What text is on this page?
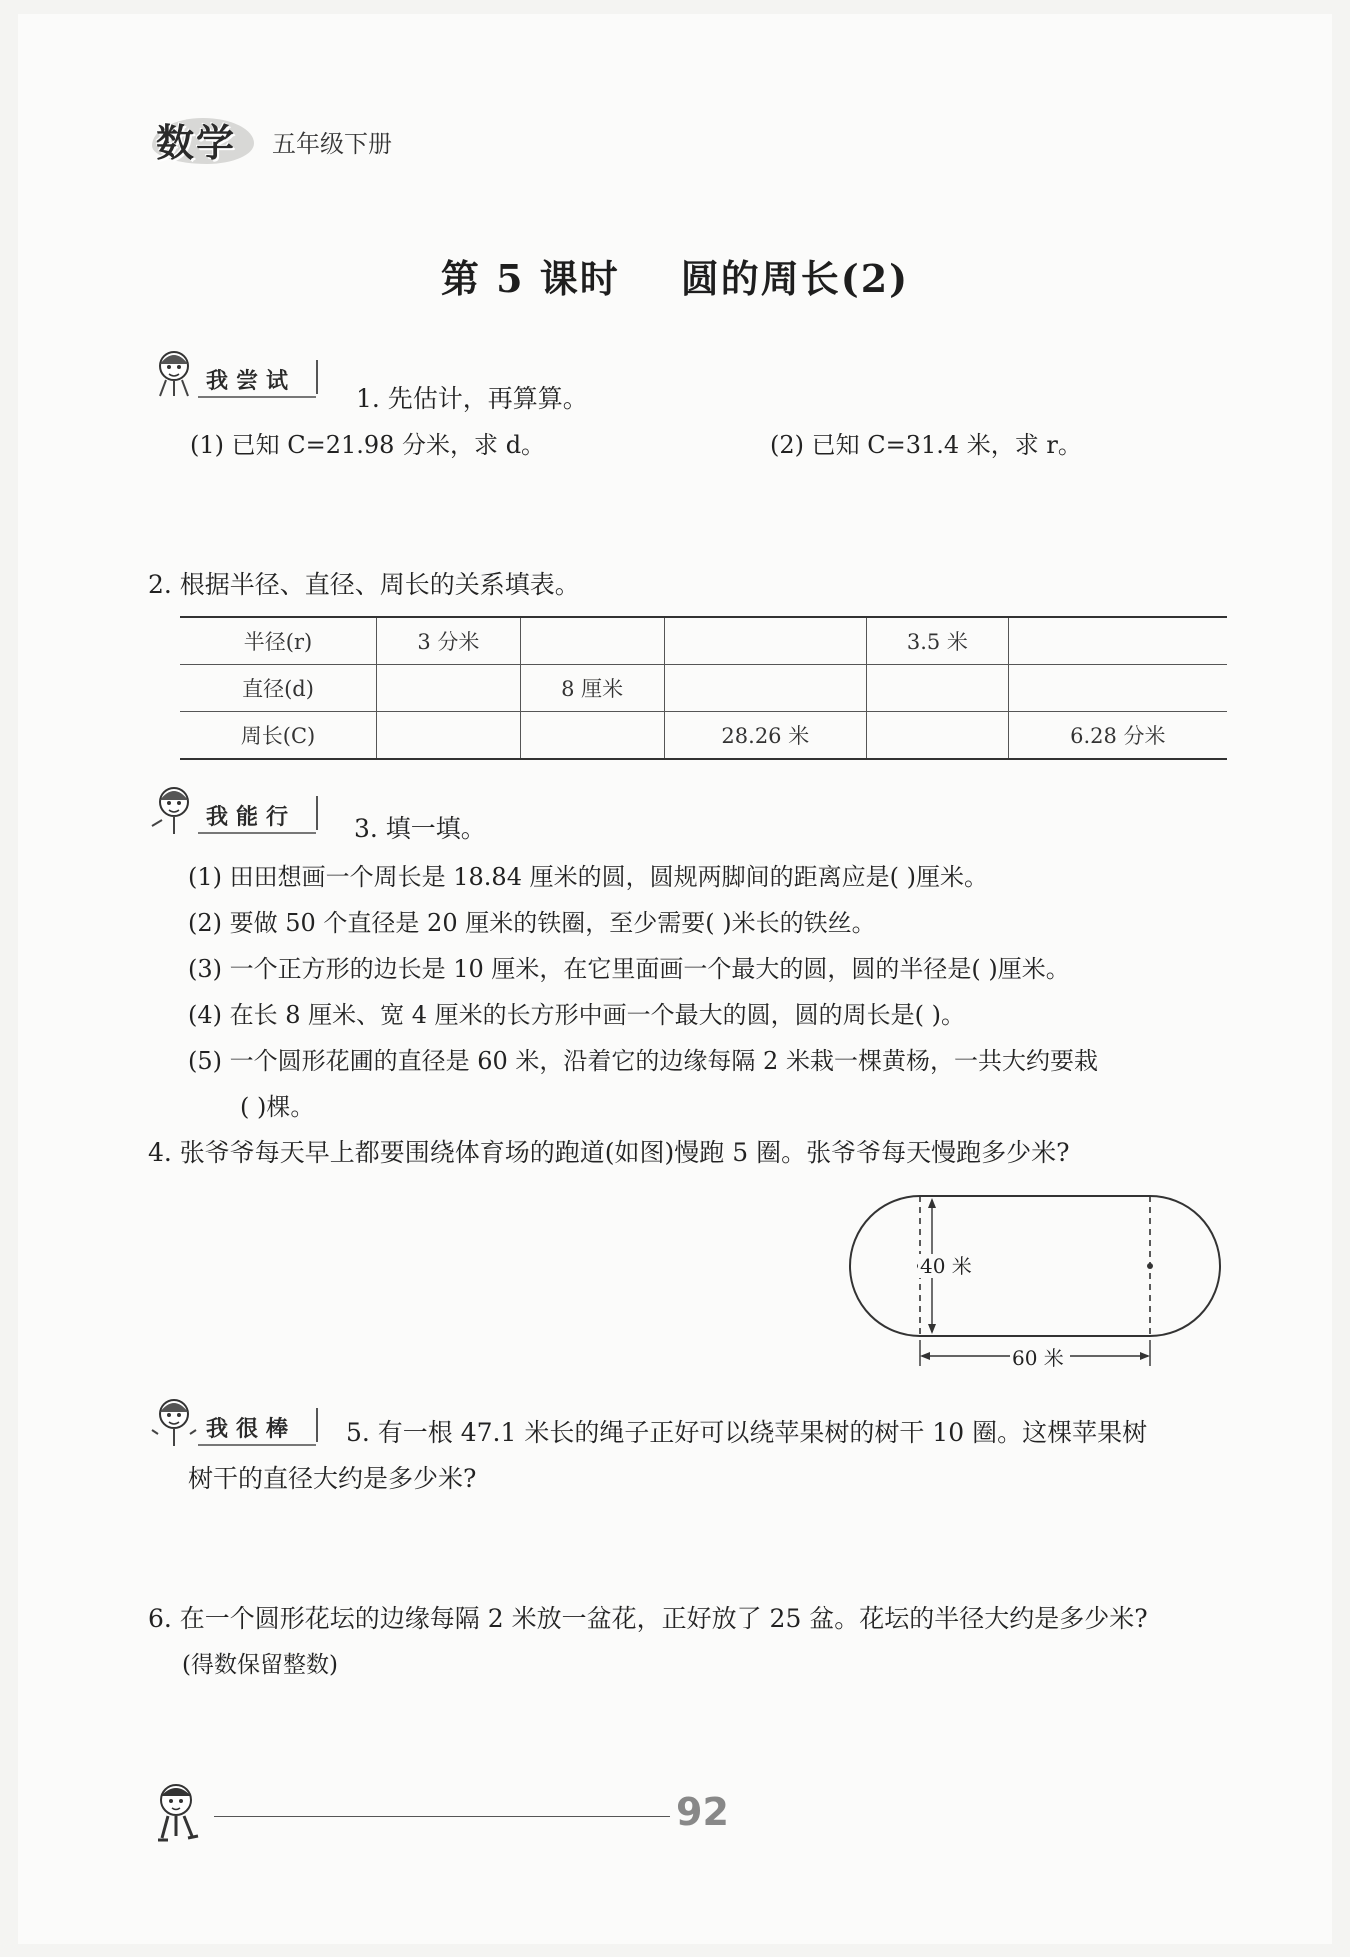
数学 五年级下册
第 5 课时    圆的周长(2)
我尝试
1. 先估计，再算算。
(1) 已知 C=21.98 分米，求 d。	(2) 已知 C=31.4 米，求 r。
2. 根据半径、直径、周长的关系填表。
半径(r)	3 分米			3.5 米	
直径(d)		8 厘米			
周长(C)			28.26 米		6.28 分米
我能行 3. 填一填。
(1) 田田想画一个周长是 18.84 厘米的圆，圆规两脚间的距离应是( )厘米。
(2) 要做 50 个直径是 20 厘米的铁圈，至少需要( )米长的铁丝。
(3) 一个正方形的边长是 10 厘米，在它里面画一个最大的圆，圆的半径是( )厘米。
(4) 在长 8 厘米、宽 4 厘米的长方形中画一个最大的圆，圆的周长是( )。
(5) 一个圆形花圃的直径是 60 米，沿着它的边缘每隔 2 米栽一棵黄杨，一共大约要栽
( )棵。
4. 张爷爷每天早上都要围绕体育场的跑道(如图)慢跑 5 圈。张爷爷每天慢跑多少米?
40 米
60 米
我很棒 5. 有一根 47.1 米长的绳子正好可以绕苹果树的树干 10 圈。这棵苹果树
树干的直径大约是多少米?
6. 在一个圆形花坛的边缘每隔 2 米放一盆花，正好放了 25 盆。花坛的半径大约是多少米?
(得数保留整数)
92
